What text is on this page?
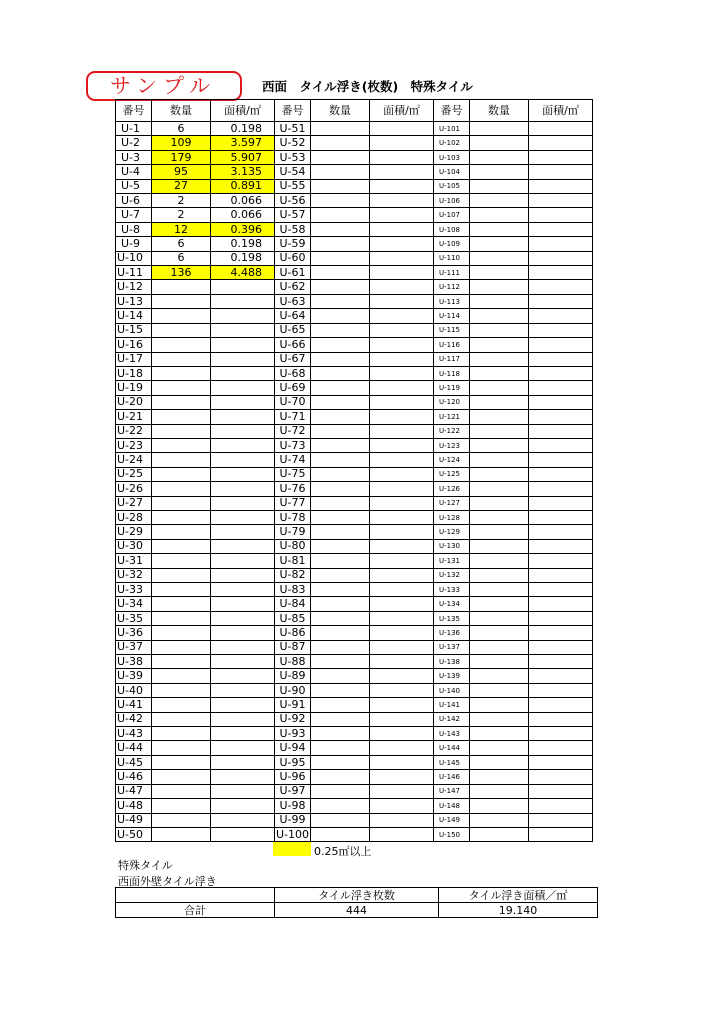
サンプル	西面　タイル浮き(枚数)　特殊タイル
番号	数量	面積/㎡	番号	数量	面積/㎡	番号	数量	面積/㎡
U-1	6	0.198	U-51			U-101		
U-2	109	3.597	U-52			U-102		
U-3	179	5.907	U-53			U-103		
U-4	95	3.135	U-54			U-104		
U-5	27	0.891	U-55			U-105		
U-6	2	0.066	U-56			U-106		
U-7	2	0.066	U-57			U-107		
U-8	12	0.396	U-58			U-108		
U-9	6	0.198	U-59			U-109		
U-10	6	0.198	U-60			U-110		
U-11	136	4.488	U-61			U-111		
U-12			U-62			U-112		
U-13			U-63			U-113		
U-14			U-64			U-114		
U-15			U-65			U-115		
U-16			U-66			U-116		
U-17			U-67			U-117		
U-18			U-68			U-118		
U-19			U-69			U-119		
U-20			U-70			U-120		
U-21			U-71			U-121		
U-22			U-72			U-122		
U-23			U-73			U-123		
U-24			U-74			U-124		
U-25			U-75			U-125		
U-26			U-76			U-126		
U-27			U-77			U-127		
U-28			U-78			U-128		
U-29			U-79			U-129		
U-30			U-80			U-130		
U-31			U-81			U-131		
U-32			U-82			U-132		
U-33			U-83			U-133		
U-34			U-84			U-134		
U-35			U-85			U-135		
U-36			U-86			U-136		
U-37			U-87			U-137		
U-38			U-88			U-138		
U-39			U-89			U-139		
U-40			U-90			U-140		
U-41			U-91			U-141		
U-42			U-92			U-142		
U-43			U-93			U-143		
U-44			U-94			U-144		
U-45			U-95			U-145		
U-46			U-96			U-146		
U-47			U-97			U-147		
U-48			U-98			U-148		
U-49			U-99			U-149		
U-50			U-100			U-150		
0.25㎡以上
特殊タイル
西面外壁タイル浮き
	タイル浮き枚数	タイル浮き面積／㎡
合計	444	19.140
